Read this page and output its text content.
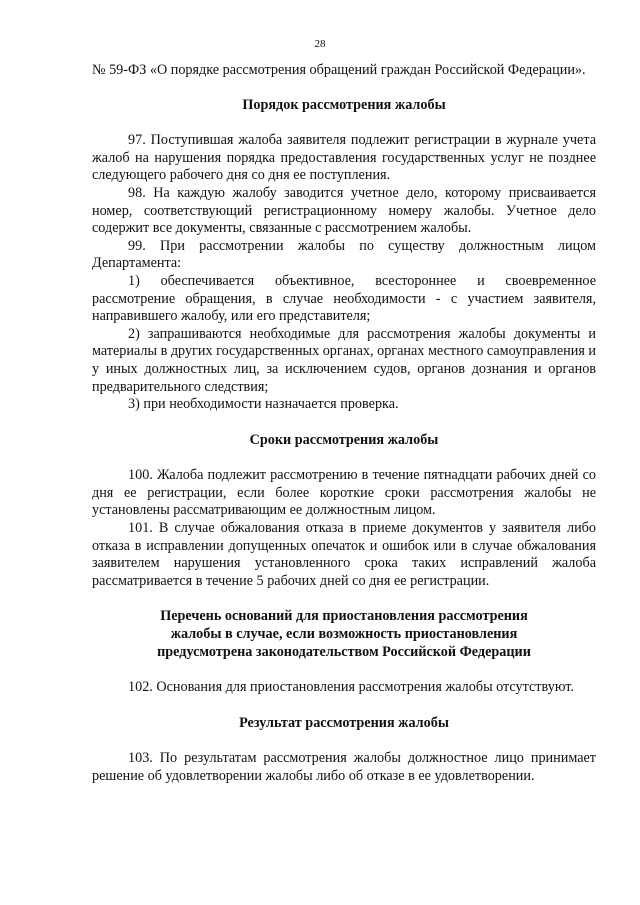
28

№ 59-ФЗ «О порядке рассмотрения обращений граждан Российской Федерации».

Порядок рассмотрения жалобы

97. Поступившая жалоба заявителя подлежит регистрации в журнале учета жалоб на нарушения порядка предоставления государственных услуг не позднее следующего рабочего дня со дня ее поступления.

98. На каждую жалобу заводится учетное дело, которому присваивается номер, соответствующий регистрационному номеру жалобы. Учетное дело содержит все документы, связанные с рассмотрением жалобы.

99. При рассмотрении жалобы по существу должностным лицом Департамента:

1) обеспечивается объективное, всестороннее и своевременное рассмотрение обращения, в случае необходимости - с участием заявителя, направившего жалобу, или его представителя;

2) запрашиваются необходимые для рассмотрения жалобы документы и материалы в других государственных органах, органах местного самоуправления и у иных должностных лиц, за исключением судов, органов дознания и органов предварительного следствия;

3) при необходимости назначается проверка.

Сроки рассмотрения жалобы

100. Жалоба подлежит рассмотрению в течение пятнадцати рабочих дней со дня ее регистрации, если более короткие сроки рассмотрения жалобы не установлены рассматривающим ее должностным лицом.

101. В случае обжалования отказа в приеме документов у заявителя либо отказа в исправлении допущенных опечаток и ошибок или в случае обжалования заявителем нарушения установленного срока таких исправлений жалоба рассматривается в течение 5 рабочих дней со дня ее регистрации.

Перечень оснований для приостановления рассмотрения
жалобы в случае, если возможность приостановления
предусмотрена законодательством Российской Федерации

102. Основания для приостановления рассмотрения жалобы отсутствуют.

Результат рассмотрения жалобы

103. По результатам рассмотрения жалобы должностное лицо принимает решение об удовлетворении жалобы либо об отказе в ее удовлетворении.
